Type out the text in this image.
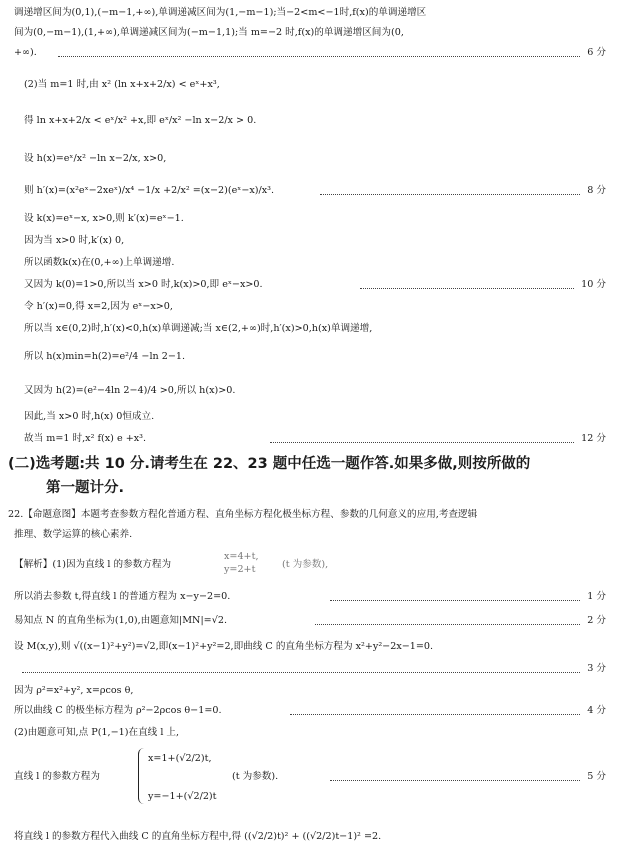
调递增区间为(0,1),(−m−1,+∞),单调递减区间为(1,−m−1);当−2<m<−1时,f(x)的单调递增区
间为(0,−m−1),(1,+∞),单调递减区间为(−m−1,1);当 m=−2 时,f(x)的单调递增区间为(0,
+∞).	6 分
(2)当 m=1 时,由 x² (ln x+x+2/x) < eˣ+x³,
得 ln x+x+2/x < eˣ/x² +x,即 eˣ/x² −ln x−2/x > 0.
设 h(x)=eˣ/x² −ln x−2/x, x>0,
则 h′(x)=(x²eˣ−2xeˣ)/x⁴ −1/x +2/x² =(x−2)(eˣ−x)/x³.	8 分
设 k(x)=eˣ−x, x>0,则 k′(x)=eˣ−1.
因为当 x>0 时,k′(x) 0,
所以函数k(x)在(0,+∞)上单调递增.
又因为 k(0)=1>0,所以当 x>0 时,k(x)>0,即 eˣ−x>0.	10 分
令 h′(x)=0,得 x=2,因为 eˣ−x>0,
所以当 x∈(0,2)时,h′(x)<0,h(x)单调递减;当 x∈(2,+∞)时,h′(x)>0,h(x)单调递增,
所以 h(x)min=h(2)=e²/4 −ln 2−1.
又因为 h(2)=(e²−4ln 2−4)/4 >0,所以 h(x)>0.
因此,当 x>0 时,h(x) 0恒成立.
故当 m=1 时,x² f(x) e +x³.	12 分
(二)选考题:共 10 分.请考生在 22、23 题中任选一题作答.如果多做,则按所做的
第一题计分.
22.【命题意图】本题考查参数方程化普通方程、直角坐标方程化极坐标方程、参数的几何意义的应用,考查逻辑
推理、数学运算的核心素养.
【解析】(1)因为直线 l 的参数方程为
x=4+t,
y=2+t	(t 为参数),
所以消去参数 t,得直线 l 的普通方程为 x−y−2=0.	1 分
易知点 N 的直角坐标为(1,0),由题意知|MN|=√2.	2 分
设 M(x,y),则 √((x−1)²+y²)=√2,即(x−1)²+y²=2,即曲线 C 的直角坐标方程为 x²+y²−2x−1=0.
3 分
因为 ρ²=x²+y², x=ρcos θ,
所以曲线 C 的极坐标方程为 ρ²−2ρcos θ−1=0.	4 分
(2)由题意可知,点 P(1,−1)在直线 l 上,
直线 l 的参数方程为
x=1+(√2/2)t,
y=−1+(√2/2)t
(t 为参数).	5 分
将直线 l 的参数方程代入曲线 C 的直角坐标方程中,得 ((√2/2)t)² + ((√2/2)t−1)² =2.
